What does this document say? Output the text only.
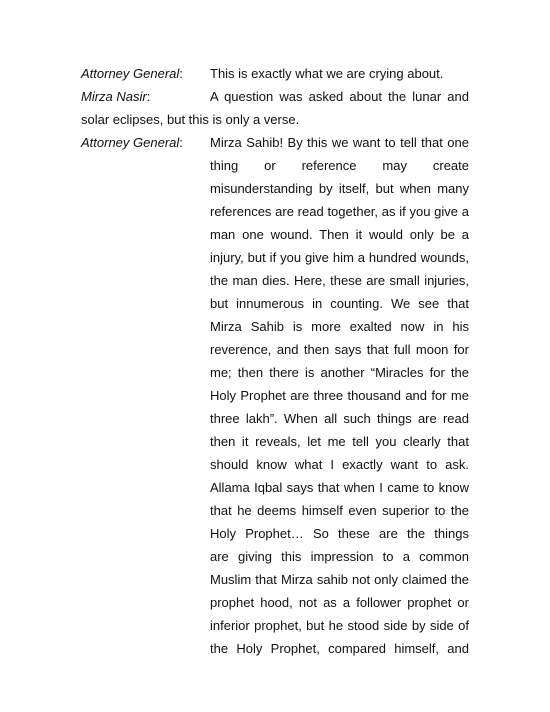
Attorney General: This is exactly what we are crying about.
Mirza Nasir:	A question was asked about the lunar and
solar eclipses, but this is only a verse.
Attorney General: Mirza Sahib! By this we want to tell that one
thing or reference may create
misunderstanding by itself, but when many
references are read together, as if you give a
man one wound. Then it would only be a
injury, but if you give him a hundred wounds,
the man dies. Here, these are small injuries,
but innumerous in counting. We see that
Mirza Sahib is more exalted now in his
reverence, and then says that full moon for
me; then there is another “Miracles for the
Holy Prophet are three thousand and for me
three lakh”. When all such things are read
then it reveals, let me tell you clearly that
should know what I exactly want to ask.
Allama Iqbal says that when I came to know
that he deems himself even superior to the
Holy Prophet… So these are the things
are giving this impression to a common
Muslim that Mirza sahib not only claimed the
prophet hood, not as a follower prophet or
inferior prophet, but he stood side by side of
the Holy Prophet, compared himself, and
